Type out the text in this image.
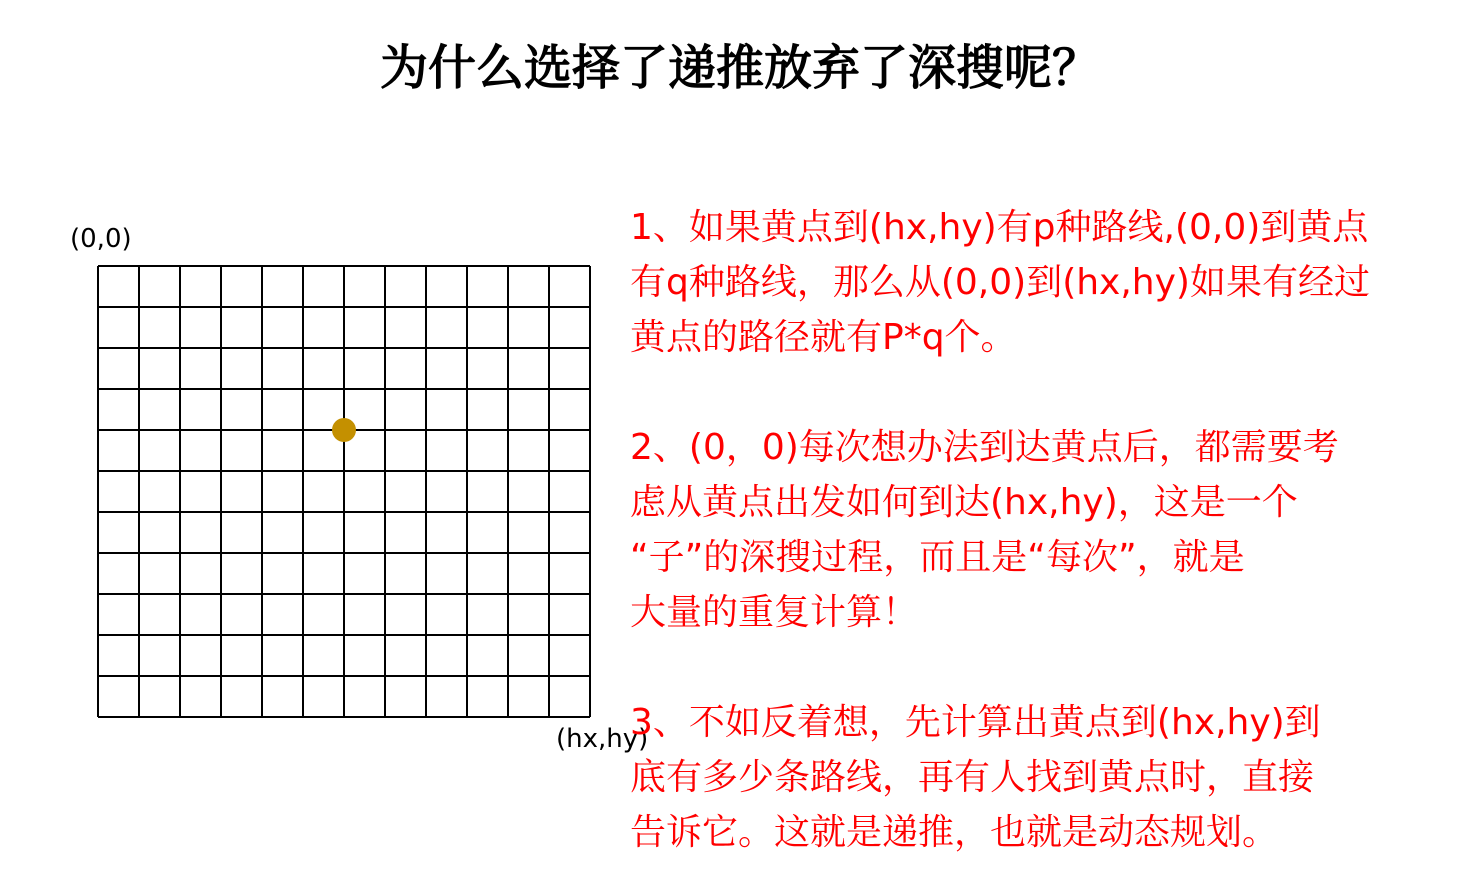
为什么选择了递推放弃了深搜呢？
(0,0)
(hx,hy)

1、如果黄点到(hx,hy)有p种路线,(0,0)到黄点
有q种路线，那么从(0,0)到(hx,hy)如果有经过
黄点的路径就有P*q个。

2、(0，0)每次想办法到达黄点后，都需要考
虑从黄点出发如何到达(hx,hy)，这是一个
“子”的深搜过程，而且是“每次”，就是
大量的重复计算！

3、不如反着想，先计算出黄点到(hx,hy)到
底有多少条路线，再有人找到黄点时，直接
告诉它。这就是递推，也就是动态规划。
